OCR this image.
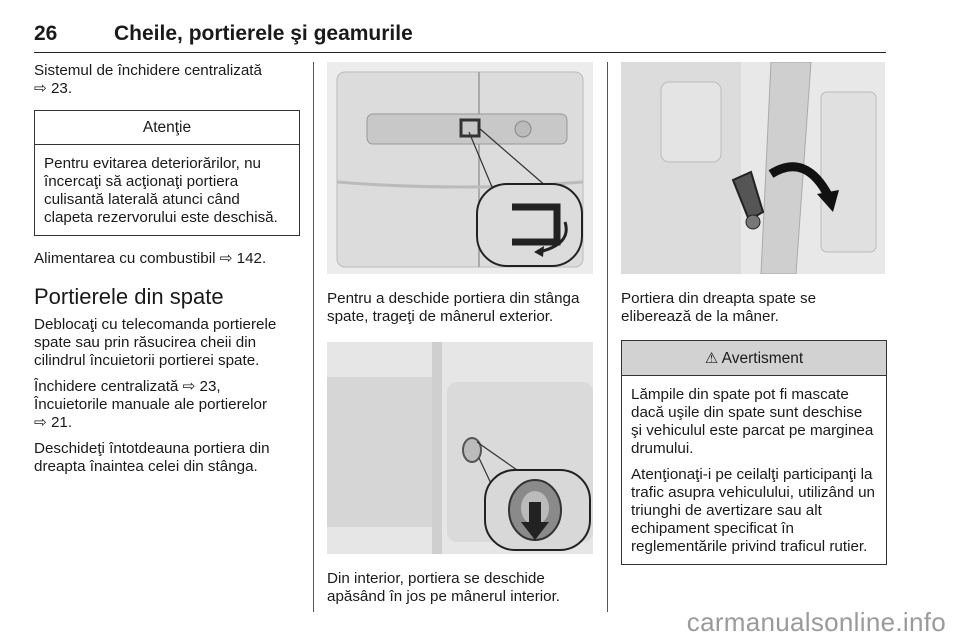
26	Cheile, portierele şi geamurile

Sistemul de închidere centralizată
⇨ 23.

Atenţie

Pentru evitarea deteriorărilor, nu încercaţi să acţionaţi portiera culisantă laterală atunci când clapeta rezervorului este deschisă.

Alimentarea cu combustibil ⇨ 142.

Portierele din spate

Deblocaţi cu telecomanda portierele spate sau prin răsucirea cheii din cilindrul încuietorii portierei spate.

Închidere centralizată ⇨ 23,
Încuietorile manuale ale portierelor
⇨ 21.

Deschideţi întotdeauna portiera din dreapta înaintea celei din stânga.

Pentru a deschide portiera din stânga spate, trageţi de mânerul exterior.

Din interior, portiera se deschide apăsând în jos pe mânerul interior.

Portiera din dreapta spate se eliberează de la mâner.

⚠ Avertisment

Lămpile din spate pot fi mascate dacă uşile din spate sunt deschise şi vehiculul este parcat pe marginea drumului.

Atenţionaţi-i pe ceilalţi participanţi la trafic asupra vehiculului, utilizând un triunghi de avertizare sau alt echipament specificat în reglementările privind traficul rutier.

carmanualsonline.info
